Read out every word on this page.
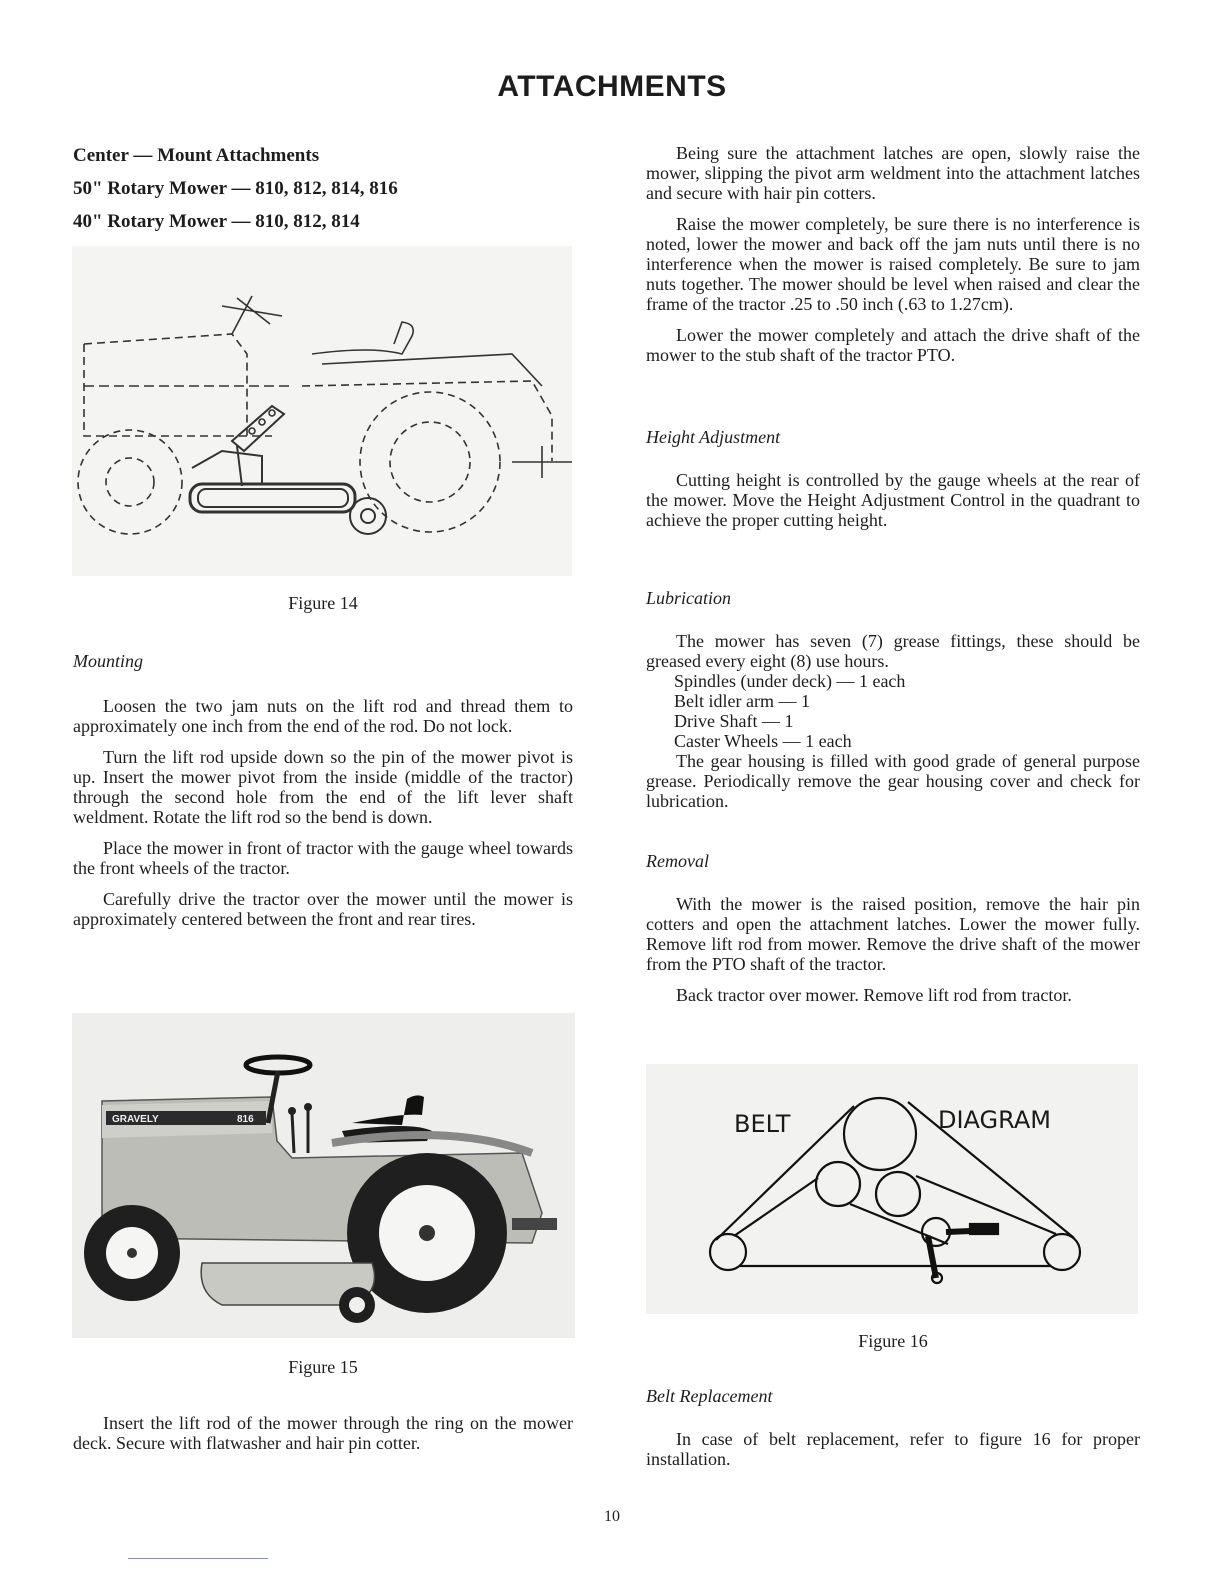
ATTACHMENTS
Center — Mount Attachments
50" Rotary Mower — 810, 812, 814, 816
40" Rotary Mower — 810, 812, 814
Figure 14
Mounting

Loosen the two jam nuts on the lift rod and thread them to approximately one inch from the end of the rod. Do not lock.

Turn the lift rod upside down so the pin of the mower pivot is up. Insert the mower pivot from the inside (middle of the tractor) through the second hole from the end of the lift lever shaft weldment. Rotate the lift rod so the bend is down.

Place the mower in front of tractor with the gauge wheel towards the front wheels of the tractor.

Carefully drive the tractor over the mower until the mower is approximately centered between the front and rear tires.

GRAVELY	816
Figure 15

Insert the lift rod of the mower through the ring on the mower deck. Secure with flatwasher and hair pin cotter.

Being sure the attachment latches are open, slowly raise the mower, slipping the pivot arm weldment into the attachment latches and secure with hair pin cotters.

Raise the mower completely, be sure there is no interference is noted, lower the mower and back off the jam nuts until there is no interference when the mower is raised completely. Be sure to jam nuts together. The mower should be level when raised and clear the frame of the tractor .25 to .50 inch (.63 to 1.27cm).

Lower the mower completely and attach the drive shaft of the mower to the stub shaft of the tractor PTO.

Height Adjustment

Cutting height is controlled by the gauge wheels at the rear of the mower. Move the Height Adjustment Control in the quadrant to achieve the proper cutting height.

Lubrication

The mower has seven (7) grease fittings, these should be greased every eight (8) use hours.

Spindles (under deck) — 1 each
Belt idler arm — 1
Drive Shaft — 1
Caster Wheels — 1 each

The gear housing is filled with good grade of general purpose grease. Periodically remove the gear housing cover and check for lubrication.

Removal

With the mower is the raised position, remove the hair pin cotters and open the attachment latches. Lower the mower fully. Remove lift rod from mower. Remove the drive shaft of the mower from the PTO shaft of the tractor.

Back tractor over mower. Remove lift rod from tractor.

BELT	DIAGRAM
Figure 16
Belt Replacement

In case of belt replacement, refer to figure 16 for proper installation.

10
